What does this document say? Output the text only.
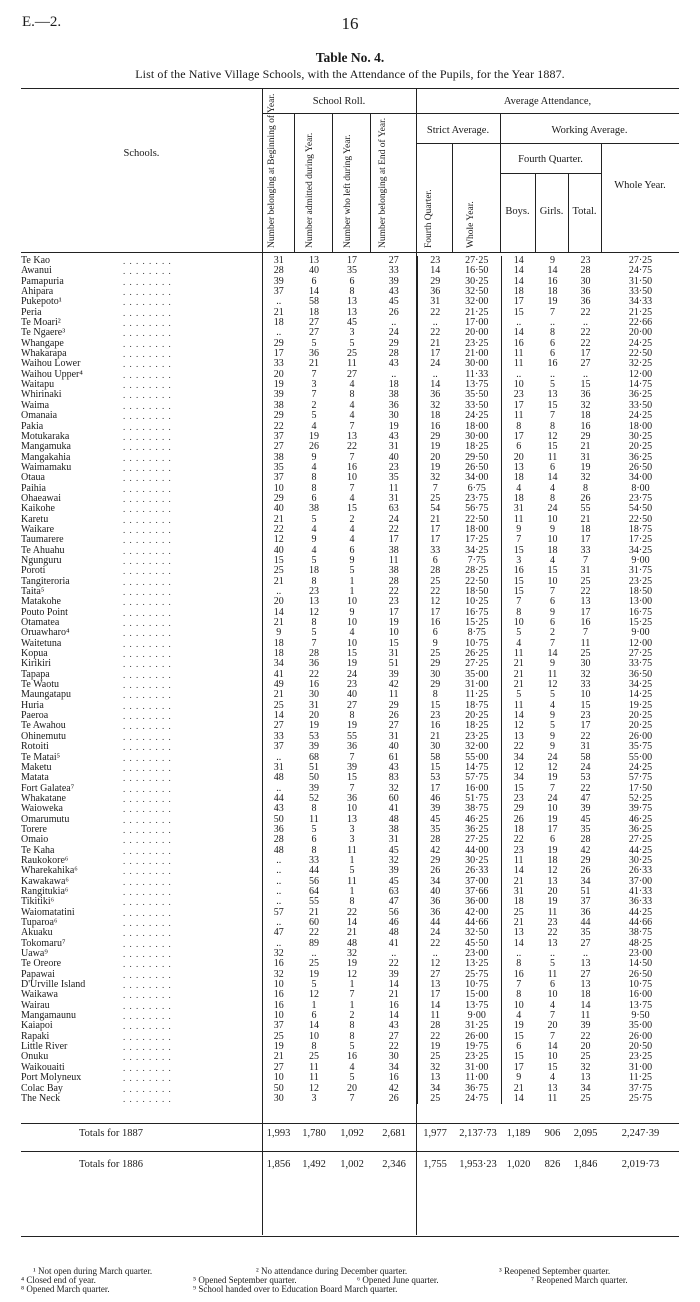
E.—2.	16
Table No. 4.
List of the Native Village Schools, with the Attendance of the Pupils, for the Year 1887.
Schools.
School Roll.	Average Attendance,
Strict Average.	Working Average.
Fourth Quarter.
Boys. Girls. Total.
Whole Year.
Number belonging at Beginning of Year.	Number admitted during Year.	Number who left during Year.	Number belonging at End of Year.	Fourth Quarter.	Whole Year.
Te Kao	. . . . . . . .	31	13	17	27	23	27·25	14	9	23	27·25
Awanui	. . . . . . . .	28	40	35	33	14	16·50	14	14	28	24·75
Pamapuria	. . . . . . . .	39	6	6	39	29	30·25	14	16	30	31·50
Ahipara	. . . . . . . .	37	14	8	43	36	32·50	18	18	36	33·50
Pukepoto¹	. . . . . . . .	..	58	13	45	31	32·00	17	19	36	34·33
Peria	. . . . . . . .	21	18	13	26	22	21·25	15	7	22	21·25
Te Moari²	. . . . . . . .	18	27	45	..	..	17·00	..	..	..	22·66
Te Ngaere³	. . . . . . . .	..	27	3	24	22	20·00	14	8	22	20·00
Whangape	. . . . . . . .	29	5	5	29	21	23·25	16	6	22	24·25
Whakarapa	. . . . . . . .	17	36	25	28	17	21·00	11	6	17	22·50
Waihou Lower	. . . . . . . .	33	21	11	43	24	30·00	11	16	27	32·25
Waihou Upper⁴	. . . . . . . .	20	7	27	..	..	11·33	..	..	..	12·00
Waitapu	. . . . . . . .	19	3	4	18	14	13·75	10	5	15	14·75
Whirinaki	. . . . . . . .	39	7	8	38	36	35·50	23	13	36	36·25
Waima	. . . . . . . .	38	2	4	36	32	33·50	17	15	32	33·50
Omanaia	. . . . . . . .	29	5	4	30	18	24·25	11	7	18	24·25
Pakia	. . . . . . . .	22	4	7	19	16	18·00	8	8	16	18·00
Motukaraka	. . . . . . . .	37	19	13	43	29	30·00	17	12	29	30·25
Mangamuka	. . . . . . . .	27	26	22	31	19	18·25	6	15	21	20·25
Mangakahia	. . . . . . . .	38	9	7	40	20	29·50	20	11	31	36·25
Waimamaku	. . . . . . . .	35	4	16	23	19	26·50	13	6	19	26·50
Otaua	. . . . . . . .	37	8	10	35	32	34·00	18	14	32	34·00
Paihia	. . . . . . . .	10	8	7	11	7	6·75	4	4	8	8·00
Ohaeawai	. . . . . . . .	29	6	4	31	25	23·75	18	8	26	23·75
Kaikohe	. . . . . . . .	40	38	15	63	54	56·75	31	24	55	54·50
Karetu	. . . . . . . .	21	5	2	24	21	22·50	11	10	21	22·50
Waikare	. . . . . . . .	22	4	4	22	17	18·00	9	9	18	18·75
Taumarere	. . . . . . . .	12	9	4	17	17	17·25	7	10	17	17·25
Te Ahuahu	. . . . . . . .	40	4	6	38	33	34·25	15	18	33	34·25
Ngunguru	. . . . . . . .	15	5	9	11	6	7·75	3	4	7	9·00
Poroti	. . . . . . . .	25	18	5	38	28	28·25	16	15	31	31·75
Tangiteroria	. . . . . . . .	21	8	1	28	25	22·50	15	10	25	23·25
Taita⁵	. . . . . . . .	..	23	1	22	22	18·50	15	7	22	18·50
Matakohe	. . . . . . . .	20	13	10	23	12	10·25	7	6	13	13·00
Pouto Point	. . . . . . . .	14	12	9	17	17	16·75	8	9	17	16·75
Otamatea	. . . . . . . .	21	8	10	19	16	15·25	10	6	16	15·25
Oruawharo⁴	. . . . . . . .	9	5	4	10	6	8·75	5	2	7	9·00
Waitetuna	. . . . . . . .	18	7	10	15	9	10·75	4	7	11	12·00
Kopua	. . . . . . . .	18	28	15	31	25	26·25	11	14	25	27·25
Kirikiri	. . . . . . . .	34	36	19	51	29	27·25	21	9	30	33·75
Tapapa	. . . . . . . .	41	22	24	39	30	35·00	21	11	32	36·50
Te Waotu	. . . . . . . .	49	16	23	42	29	31·00	21	12	33	34·25
Maungatapu	. . . . . . . .	21	30	40	11	8	11·25	5	5	10	14·25
Huria	. . . . . . . .	25	31	27	29	15	18·75	11	4	15	19·25
Paeroa	. . . . . . . .	14	20	8	26	23	20·25	14	9	23	20·25
Te Awahou	. . . . . . . .	27	19	19	27	16	18·25	12	5	17	20·25
Ohinemutu	. . . . . . . .	33	53	55	31	21	23·25	13	9	22	26·00
Rotoiti	. . . . . . . .	37	39	36	40	30	32·00	22	9	31	35·75
Te Matai⁵	. . . . . . . .	..	68	7	61	58	55·00	34	24	58	55·00
Maketu	. . . . . . . .	31	51	39	43	15	14·75	12	12	24	24·25
Matata	. . . . . . . .	48	50	15	83	53	57·75	34	19	53	57·75
Fort Galatea⁷	. . . . . . . .	..	39	7	32	17	16·00	15	7	22	17·50
Whakatane	. . . . . . . .	44	52	36	60	46	51·75	23	24	47	52·25
Waioweka	. . . . . . . .	43	8	10	41	39	38·75	29	10	39	39·75
Omarumutu	. . . . . . . .	50	11	13	48	45	46·25	26	19	45	46·25
Torere	. . . . . . . .	36	5	3	38	35	36·25	18	17	35	36·25
Omaio	. . . . . . . .	28	6	3	31	28	27·25	22	6	28	27·25
Te Kaha	. . . . . . . .	48	8	11	45	42	44·00	23	19	42	44·25
Raukokore⁶	. . . . . . . .	..	33	1	32	29	30·25	11	18	29	30·25
Wharekahika⁶	. . . . . . . .	..	44	5	39	26	26·33	14	12	26	26·33
Kawakawa⁶	. . . . . . . .	..	56	11	45	34	37·00	21	13	34	37·00
Rangitukia⁶	. . . . . . . .	..	64	1	63	40	37·66	31	20	51	41·33
Tikitiki⁶	. . . . . . . .	..	55	8	47	36	36·00	18	19	37	36·33
Waiomatatini	. . . . . . . .	57	21	22	56	36	42·00	25	11	36	44·25
Tuparoa⁶	. . . . . . . .	..	60	14	46	44	44·66	21	23	44	44·66
Akuaku	. . . . . . . .	47	22	21	48	24	32·50	13	22	35	38·75
Tokomaru⁷	. . . . . . . .	..	89	48	41	22	45·50	14	13	27	48·25
Uawa⁹	. . . . . . . .	32	..	32	..	..	23·00	..	..	..	23·00
Te Oreore	. . . . . . . .	16	25	19	22	12	13·25	8	5	13	14·50
Papawai	. . . . . . . .	32	19	12	39	27	25·75	16	11	27	26·50
D'Urville Island	. . . . . . . .	10	5	1	14	13	10·75	7	6	13	10·75
Waikawa	. . . . . . . .	16	12	7	21	17	15·00	8	10	18	16·00
Wairau	. . . . . . . .	16	1	1	16	14	13·75	10	4	14	13·75
Mangamaunu	. . . . . . . .	10	6	2	14	11	9·00	4	7	11	9·50
Kaiapoi	. . . . . . . .	37	14	8	43	28	31·25	19	20	39	35·00
Rapaki	. . . . . . . .	25	10	8	27	22	26·00	15	7	22	26·00
Little River	. . . . . . . .	19	8	5	22	19	19·75	6	14	20	20·50
Onuku	. . . . . . . .	21	25	16	30	25	23·25	15	10	25	23·25
Waikouaiti	. . . . . . . .	27	11	4	34	32	31·00	17	15	32	31·00
Port Molyneux	. . . . . . . .	10	11	5	16	13	11·00	9	4	13	11·25
Colac Bay	. . . . . . . .	50	12	20	42	34	36·75	21	13	34	37·75
The Neck	. . . . . . . .	30	3	7	26	25	24·75	14	11	25	25·75
Totals for 1887	1,993	1,780	1,092	2,681	1,977	2,137·73 1,189	906	2,095	2,247·39
Totals for 1886	1,856	1,492	1,002	2,346	1,755	1,953·23 1,020	826	1,846	2,019·73
¹ Not open during March quarter.	² No attendance during December quarter.	³ Reopened September quarter.
⁴ Closed end of year.	⁵ Opened September quarter.	⁶ Opened June quarter.	⁷ Reopened March quarter.
⁸ Opened March quarter.	⁹ School handed over to Education Board March quarter.
